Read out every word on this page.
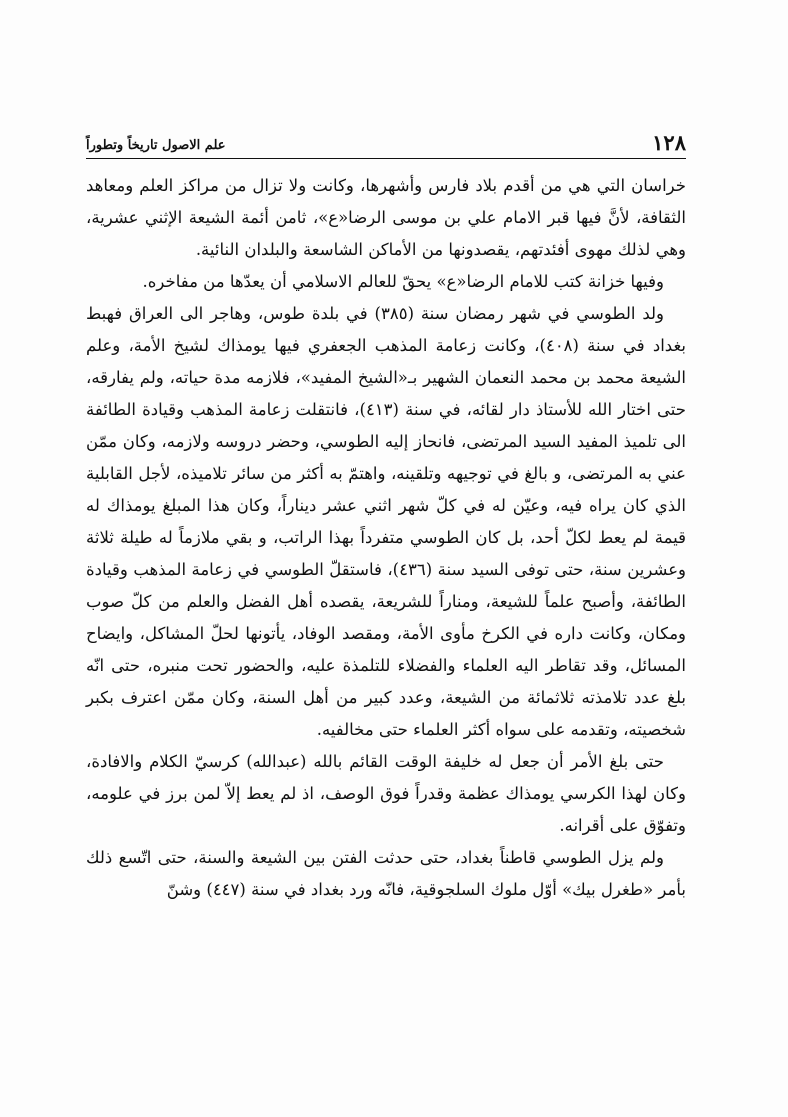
علم الاصول تاريخاً وتطوراً	١٢٨

خراسان التي هي من أقدم بلاد فارس وأشهرها، وكانت ولا تزال من مراكز العلم ومعاهد الثقافة، لأنَّ فيها قبر الامام علي بن موسى الرضا«ع»، ثامن أئمة الشيعة الإثني عشرية، وهي لذلك مهوى أفئدتهم، يقصدونها من الأماكن الشاسعة والبلدان النائية.

وفيها خزانة كتب للامام الرضا«ع» يحقّ للعالم الاسلامي أن يعدّها من مفاخره.

ولد الطوسي في شهر رمضان سنة (٣٨٥) في بلدة طوس، وهاجر الى العراق فهبط بغداد في سنة (٤٠٨)، وكانت زعامة المذهب الجعفري فيها يومذاك لشيخ الأمة، وعلم الشيعة محمد بن محمد النعمان الشهير بـ«الشيخ المفيد»، فلازمه مدة حياته، ولم يفارقه، حتى اختار الله للأستاذ دار لقائه، في سنة (٤١٣)، فانتقلت زعامة المذهب وقيادة الطائفة الى تلميذ المفيد السيد المرتضى، فانحاز إليه الطوسي، وحضر دروسه ولازمه، وكان ممّن عني به المرتضى، و بالغ في توجيهه وتلقينه، واهتمّ به أكثر من سائر تلاميذه، لأجل القابلية الذي كان يراه فيه، وعيّن له في كلّ شهر اثني عشر ديناراً، وكان هذا المبلغ يومذاك له قيمة لم يعط لكلّ أحد، بل كان الطوسي متفرداً بهذا الراتب، و بقي ملازماً له طيلة ثلاثة وعشرين سنة، حتى توفى السيد سنة (٤٣٦)، فاستقلّ الطوسي في زعامة المذهب وقيادة الطائفة، وأصبح علماً للشيعة، ومناراً للشريعة، يقصده أهل الفضل والعلم من كلّ صوب ومكان، وكانت داره في الكرخ مأوى الأمة، ومقصد الوفاد، يأتونها لحلّ المشاكل، وايضاح المسائل، وقد تقاطر اليه العلماء والفضلاء للتلمذة عليه، والحضور تحت منبره، حتى انّه بلغ عدد تلامذته ثلاثمائة من الشيعة، وعدد كبير من أهل السنة، وكان ممّن اعترف بكبر شخصيته، وتقدمه على سواه أكثر العلماء حتى مخالفيه.

حتى بلغ الأمر أن جعل له خليفة الوقت القائم بالله (عبدالله) كرسيّ الكلام والافادة، وكان لهذا الكرسي يومذاك عظمة وقدراً فوق الوصف، اذ لم يعط إلاّ لمن برز في علومه، وتفوّق على أقرانه.

ولم يزل الطوسي قاطناً بغداد، حتى حدثت الفتن بين الشيعة والسنة، حتى اتّسع ذلك بأمر «طغرل بيك» أوّل ملوك السلجوقية، فانّه ورد بغداد في سنة (٤٤٧) وشنّ
